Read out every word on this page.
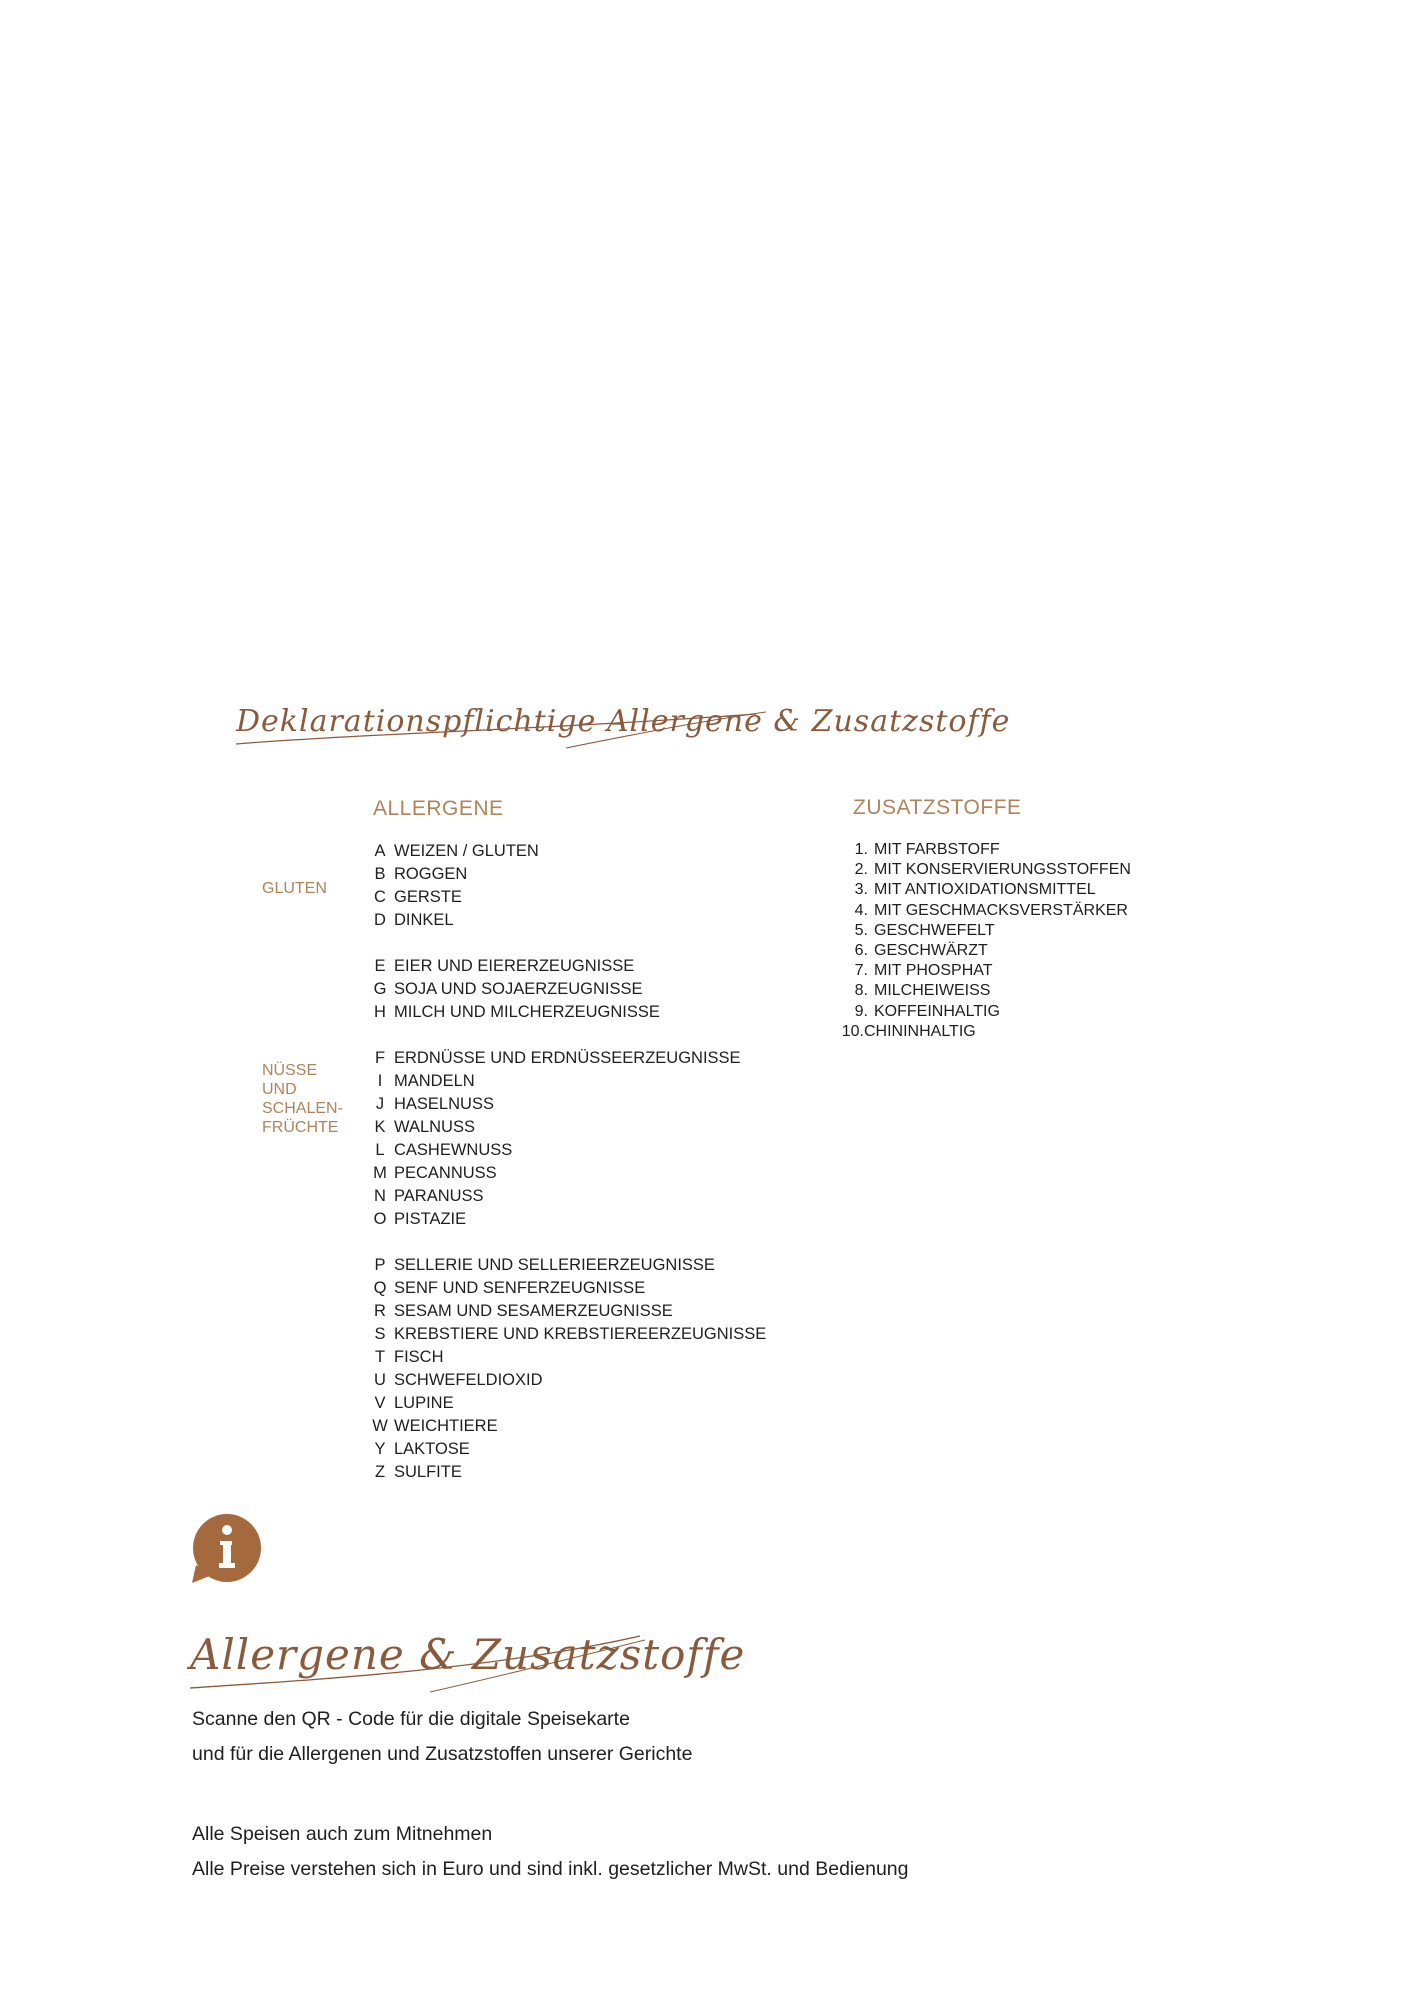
Deklarationspflichtige Allergene & Zusatzstoffe
ALLERGENE	ZUSATZSTOFFE
GLUTEN
NÜSSE
UND
SCHALEN-
FRÜCHTE
A WEIZEN / GLUTEN
B ROGGEN
C GERSTE
D DINKEL
E EIER UND EIERERZEUGNISSE
G SOJA UND SOJAERZEUGNISSE
H MILCH UND MILCHERZEUGNISSE
F ERDNÜSSE UND ERDNÜSSEERZEUGNISSE
I MANDELN
J HASELNUSS
K WALNUSS
L CASHEWNUSS
M PECANNUSS
N PARANUSS
O PISTAZIE
P SELLERIE UND SELLERIEERZEUGNISSE
Q SENF UND SENFERZEUGNISSE
R SESAM UND SESAMERZEUGNISSE
S KREBSTIERE UND KREBSTIEREERZEUGNISSE
T FISCH
U SCHWEFELDIOXID
V LUPINE
W WEICHTIERE
Y LAKTOSE
Z SULFITE
1. MIT FARBSTOFF
2. MIT KONSERVIERUNGSSTOFFEN
3. MIT ANTIOXIDATIONSMITTEL
4. MIT GESCHMACKSVERSTÄRKER
5. GESCHWEFELT
6. GESCHWÄRZT
7. MIT PHOSPHAT
8. MILCHEIWEISS
9. KOFFEINHALTIG
10. CHININHALTIG
Allergene & Zusatzstoffe
Scanne den QR - Code für die digitale Speisekarte
und für die Allergenen und Zusatzstoffen unserer Gerichte
Alle Speisen auch zum Mitnehmen
Alle Preise verstehen sich in Euro und sind inkl. gesetzlicher MwSt. und Bedienung
